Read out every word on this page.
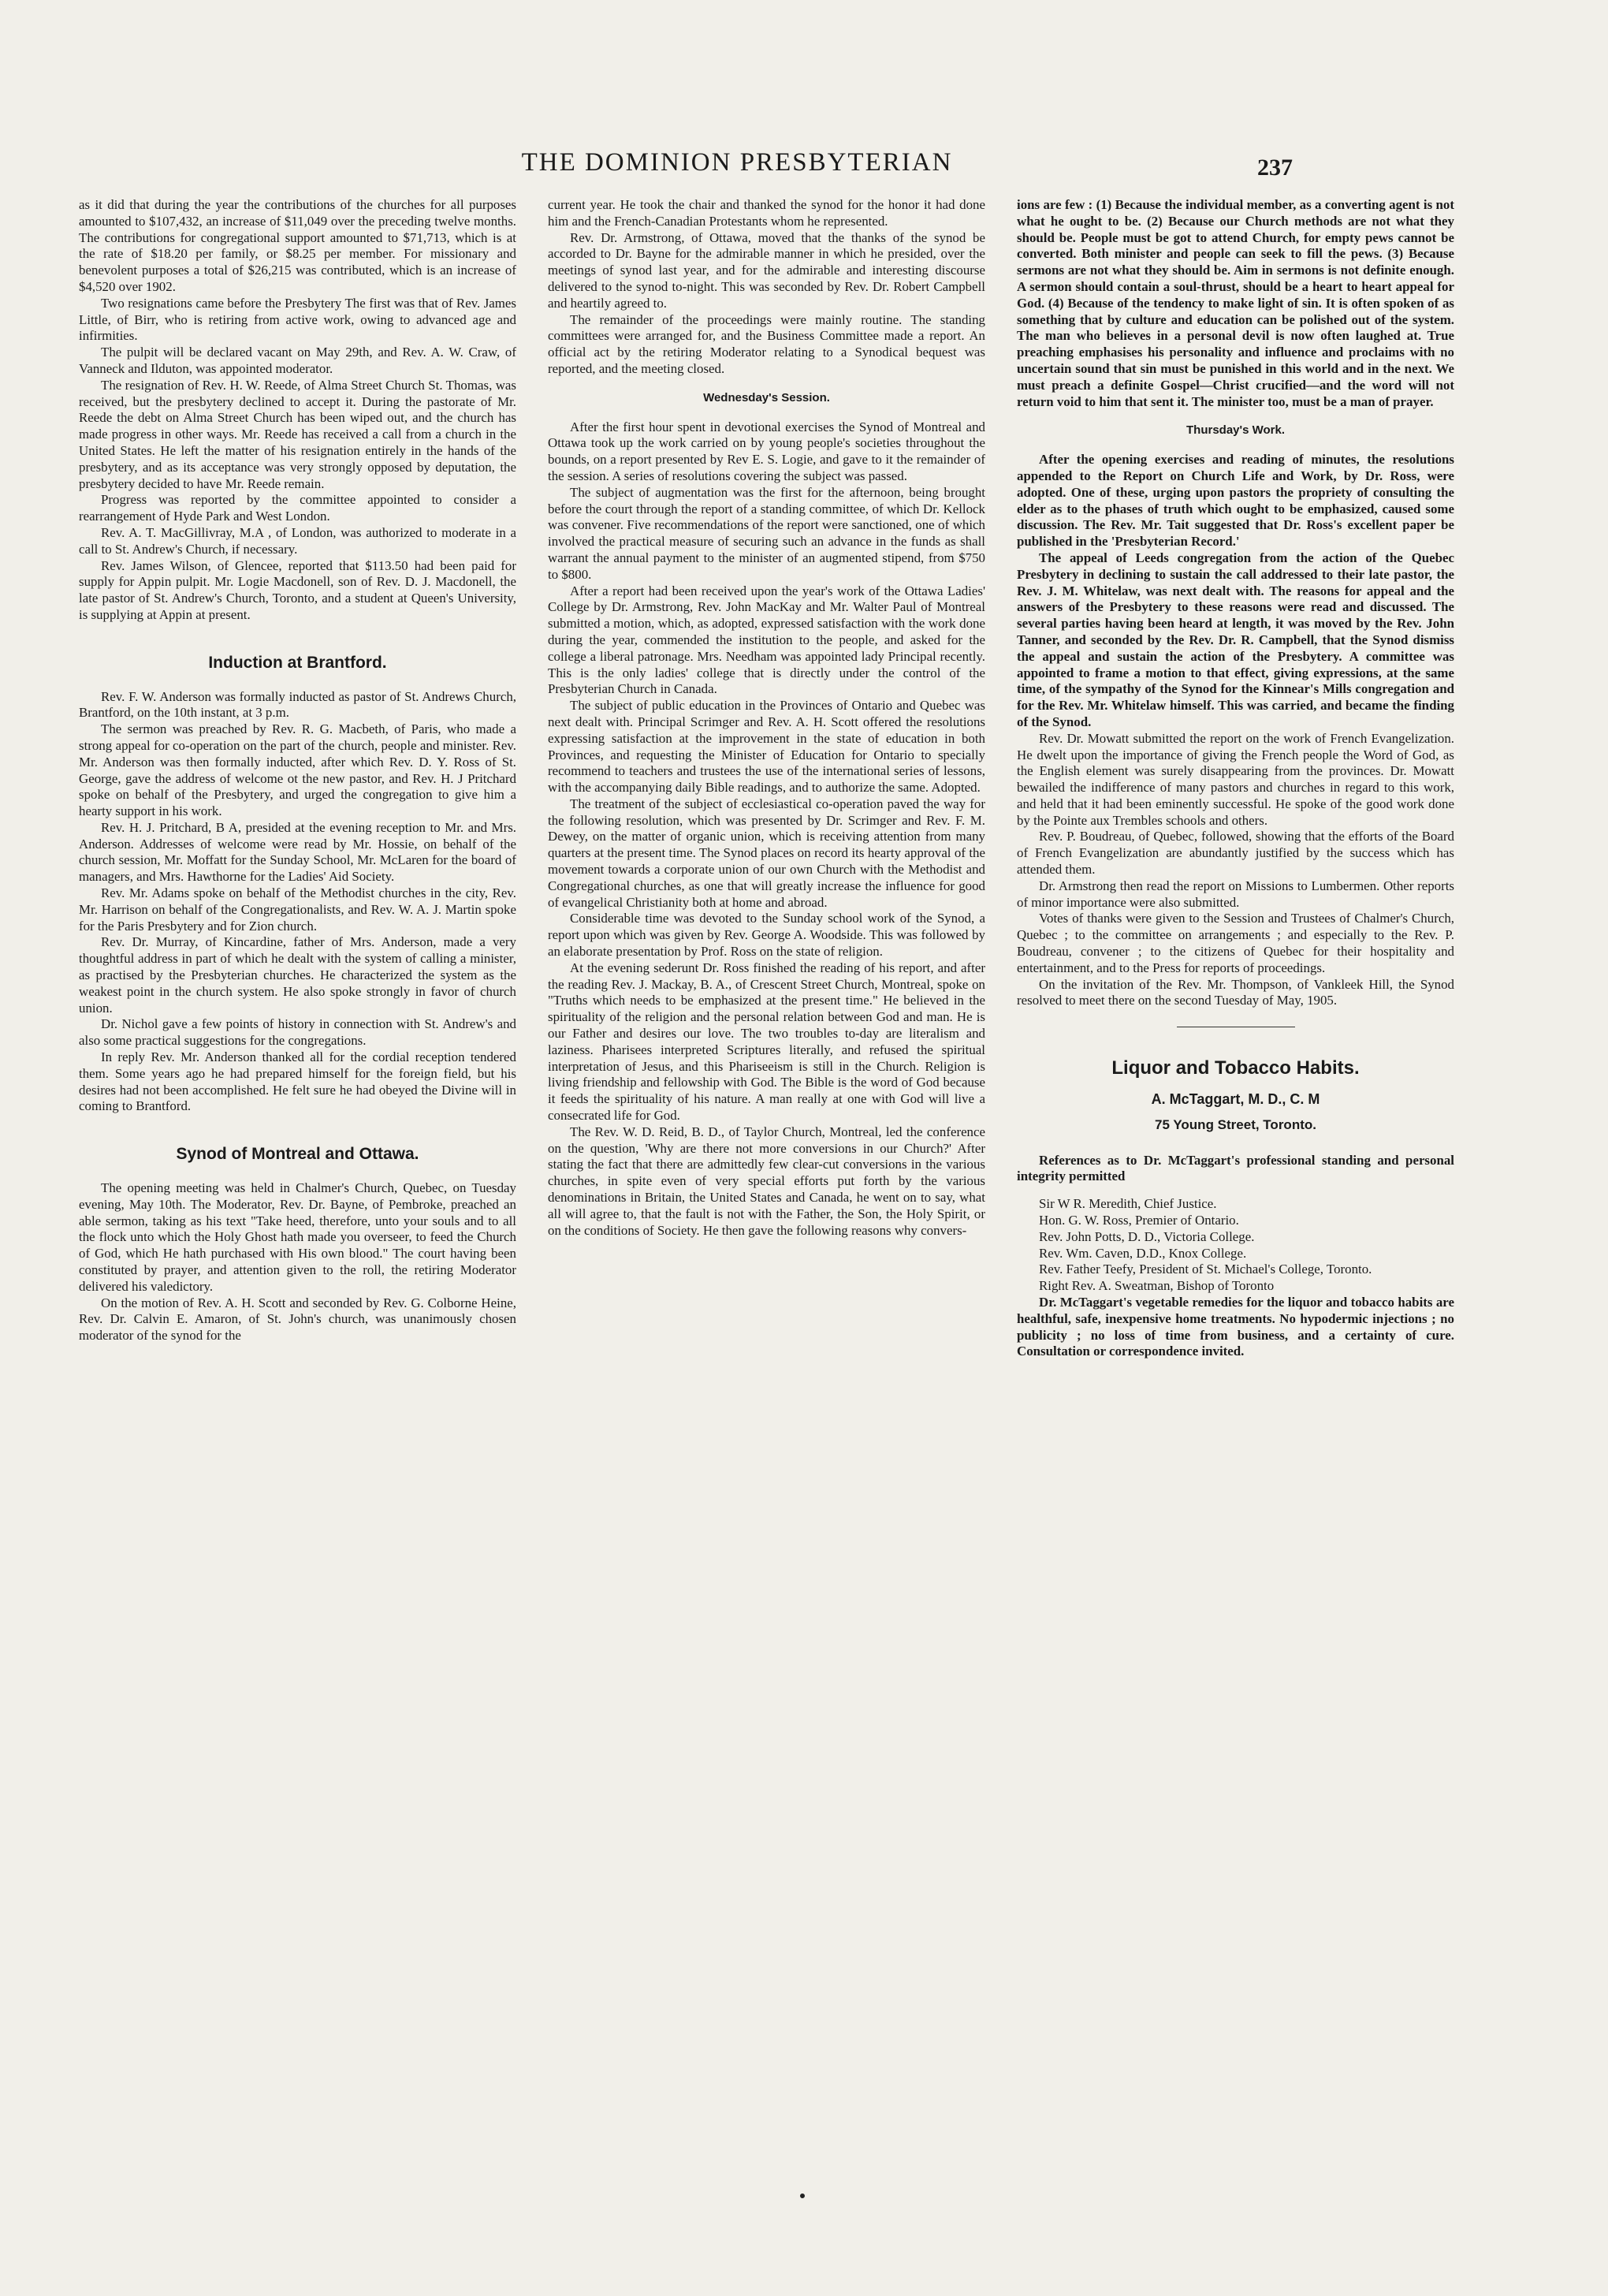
THE DOMINION PRESBYTERIAN	237

as it did that during the year the contributions of the churches for all purposes amounted to $107,432, an increase of $11,049 over the preceding twelve months. The contributions for congregational support amounted to $71,713, which is at the rate of $18.20 per family, or $8.25 per member. For missionary and benevolent purposes a total of $26,215 was contributed, which is an increase of $4,520 over 1902.

Two resignations came before the Presbytery The first was that of Rev. James Little, of Birr, who is retiring from active work, owing to advanced age and infirmities.

The pulpit will be declared vacant on May 29th, and Rev. A. W. Craw, of Vanneck and Ilduton, was appointed moderator.

The resignation of Rev. H. W. Reede, of Alma Street Church St. Thomas, was received, but the presbytery declined to accept it. During the pastorate of Mr. Reede the debt on Alma Street Church has been wiped out, and the church has made progress in other ways. Mr. Reede has received a call from a church in the United States. He left the matter of his resignation entirely in the hands of the presbytery, and as its acceptance was very strongly opposed by deputation, the presbytery decided to have Mr. Reede remain.

Progress was reported by the committee appointed to consider a rearrangement of Hyde Park and West London.

Rev. A. T. MacGillivray, M.A , of London, was authorized to moderate in a call to St. Andrew's Church, if necessary.

Rev. James Wilson, of Glencee, reported that $113.50 had been paid for supply for Appin pulpit. Mr. Logie Macdonell, son of Rev. D. J. Macdonell, the late pastor of St. Andrew's Church, Toronto, and a student at Queen's University, is supplying at Appin at present.

Induction at Brantford.

Rev. F. W. Anderson was formally inducted as pastor of St. Andrews Church, Brantford, on the 10th instant, at 3 p.m.

The sermon was preached by Rev. R. G. Macbeth, of Paris, who made a strong appeal for co-operation on the part of the church, people and minister. Rev. Mr. Anderson was then formally inducted, after which Rev. D. Y. Ross of St. George, gave the address of welcome ot the new pastor, and Rev. H. J Pritchard spoke on behalf of the Presbytery, and urged the congregation to give him a hearty support in his work.

Rev. H. J. Pritchard, B A, presided at the evening reception to Mr. and Mrs. Anderson. Addresses of welcome were read by Mr. Hossie, on behalf of the church session, Mr. Moffatt for the Sunday School, Mr. McLaren for the board of managers, and Mrs. Hawthorne for the Ladies' Aid Society.

Rev. Mr. Adams spoke on behalf of the Methodist churches in the city, Rev. Mr. Harrison on behalf of the Congregationalists, and Rev. W. A. J. Martin spoke for the Paris Presbytery and for Zion church.

Rev. Dr. Murray, of Kincardine, father of Mrs. Anderson, made a very thoughtful address in part of which he dealt with the system of calling a minister, as practised by the Presbyterian churches. He characterized the system as the weakest point in the church system. He also spoke strongly in favor of church union.

Dr. Nichol gave a few points of history in connection with St. Andrew's and also some practical suggestions for the congregations.

In reply Rev. Mr. Anderson thanked all for the cordial reception tendered them. Some years ago he had prepared himself for the foreign field, but his desires had not been accomplished. He felt sure he had obeyed the Divine will in coming to Brantford.

Synod of Montreal and Ottawa.

The opening meeting was held in Chalmer's Church, Quebec, on Tuesday evening, May 10th. The Moderator, Rev. Dr. Bayne, of Pembroke, preached an able sermon, taking as his text "Take heed, therefore, unto your souls and to all the flock unto which the Holy Ghost hath made you overseer, to feed the Church of God, which He hath purchased with His own blood." The court having been constituted by prayer, and attention given to the roll, the retiring Moderator delivered his valedictory.

On the motion of Rev. A. H. Scott and seconded by Rev. G. Colborne Heine, Rev. Dr. Calvin E. Amaron, of St. John's church, was unanimously chosen moderator of the synod for the

current year. He took the chair and thanked the synod for the honor it had done him and the French-Canadian Protestants whom he represented.

Rev. Dr. Armstrong, of Ottawa, moved that the thanks of the synod be accorded to Dr. Bayne for the admirable manner in which he presided, over the meetings of synod last year, and for the admirable and interesting discourse delivered to the synod to-night. This was seconded by Rev. Dr. Robert Campbell and heartily agreed to.

The remainder of the proceedings were mainly routine. The standing committees were arranged for, and the Business Committee made a report. An official act by the retiring Moderator relating to a Synodical bequest was reported, and the meeting closed.

Wednesday's Session.

After the first hour spent in devotional exercises the Synod of Montreal and Ottawa took up the work carried on by young people's societies throughout the bounds, on a report presented by Rev E. S. Logie, and gave to it the remainder of the session. A series of resolutions covering the subject was passed.

The subject of augmentation was the first for the afternoon, being brought before the court through the report of a standing committee, of which Dr. Kellock was convener. Five recommendations of the report were sanctioned, one of which involved the practical measure of securing such an advance in the funds as shall warrant the annual payment to the minister of an augmented stipend, from $750 to $800.

After a report had been received upon the year's work of the Ottawa Ladies' College by Dr. Armstrong, Rev. John MacKay and Mr. Walter Paul of Montreal submitted a motion, which, as adopted, expressed satisfaction with the work done during the year, commended the institution to the people, and asked for the college a liberal patronage. Mrs. Needham was appointed lady Principal recently. This is the only ladies' college that is directly under the control of the Presbyterian Church in Canada.

The subject of public education in the Provinces of Ontario and Quebec was next dealt with. Principal Scrimger and Rev. A. H. Scott offered the resolutions expressing satisfaction at the improvement in the state of education in both Provinces, and requesting the Minister of Education for Ontario to specially recommend to teachers and trustees the use of the international series of lessons, with the accompanying daily Bible readings, and to authorize the same. Adopted.

The treatment of the subject of ecclesiastical co-operation paved the way for the following resolution, which was presented by Dr. Scrimger and Rev. F. M. Dewey, on the matter of organic union, which is receiving attention from many quarters at the present time. The Synod places on record its hearty approval of the movement towards a corporate union of our own Church with the Methodist and Congregational churches, as one that will greatly increase the influence for good of evangelical Christianity both at home and abroad.

Considerable time was devoted to the Sunday school work of the Synod, a report upon which was given by Rev. George A. Woodside. This was followed by an elaborate presentation by Prof. Ross on the state of religion.

At the evening sederunt Dr. Ross finished the reading of his report, and after the reading Rev. J. Mackay, B. A., of Crescent Street Church, Montreal, spoke on "Truths which needs to be emphasized at the present time." He believed in the spirituality of the religion and the personal relation between God and man. He is our Father and desires our love. The two troubles to-day are literalism and laziness. Pharisees interpreted Scriptures literally, and refused the spiritual interpretation of Jesus, and this Phariseeism is still in the Church. Religion is living friendship and fellowship with God. The Bible is the word of God because it feeds the spirituality of his nature. A man really at one with God will live a consecrated life for God.

The Rev. W. D. Reid, B. D., of Taylor Church, Montreal, led the conference on the question, 'Why are there not more conversions in our Church?' After stating the fact that there are admittedly few clear-cut conversions in the various churches, in spite even of very special efforts put forth by the various denominations in Britain, the United States and Canada, he went on to say, what all will agree to, that the fault is not with the Father, the Son, the Holy Spirit, or on the conditions of Society. He then gave the following reasons why convers-

ions are few : (1) Because the individual member, as a converting agent is not what he ought to be. (2) Because our Church methods are not what they should be. People must be got to attend Church, for empty pews cannot be converted. Both minister and people can seek to fill the pews. (3) Because sermons are not what they should be. Aim in sermons is not definite enough. A sermon should contain a soul-thrust, should be a heart to heart appeal for God. (4) Because of the tendency to make light of sin. It is often spoken of as something that by culture and education can be polished out of the system. The man who believes in a personal devil is now often laughed at. True preaching emphasises his personality and influence and proclaims with no uncertain sound that sin must be punished in this world and in the next. We must preach a definite Gospel—Christ crucified—and the word will not return void to him that sent it. The minister too, must be a man of prayer.

Thursday's Work.

After the opening exercises and reading of minutes, the resolutions appended to the Report on Church Life and Work, by Dr. Ross, were adopted. One of these, urging upon pastors the propriety of consulting the elder as to the phases of truth which ought to be emphasized, caused some discussion. The Rev. Mr. Tait suggested that Dr. Ross's excellent paper be published in the 'Presbyterian Record.'

The appeal of Leeds congregation from the action of the Quebec Presbytery in declining to sustain the call addressed to their late pastor, the Rev. J. M. Whitelaw, was next dealt with. The reasons for appeal and the answers of the Presbytery to these reasons were read and discussed. The several parties having been heard at length, it was moved by the Rev. John Tanner, and seconded by the Rev. Dr. R. Campbell, that the Synod dismiss the appeal and sustain the action of the Presbytery. A committee was appointed to frame a motion to that effect, giving expressions, at the same time, of the sympathy of the Synod for the Kinnear's Mills congregation and for the Rev. Mr. Whitelaw himself. This was carried, and became the finding of the Synod.

Rev. Dr. Mowatt submitted the report on the work of French Evangelization. He dwelt upon the importance of giving the French people the Word of God, as the English element was surely disappearing from the provinces. Dr. Mowatt bewailed the indifference of many pastors and churches in regard to this work, and held that it had been eminently successful. He spoke of the good work done by the Pointe aux Trembles schools and others.

Rev. P. Boudreau, of Quebec, followed, showing that the efforts of the Board of French Evangelization are abundantly justified by the success which has attended them.

Dr. Armstrong then read the report on Missions to Lumbermen. Other reports of minor importance were also submitted.

Votes of thanks were given to the Session and Trustees of Chalmer's Church, Quebec ; to the committee on arrangements ; and especially to the Rev. P. Boudreau, convener ; to the citizens of Quebec for their hospitality and entertainment, and to the Press for reports of proceedings.

On the invitation of the Rev. Mr. Thompson, of Vankleek Hill, the Synod resolved to meet there on the second Tuesday of May, 1905.

Liquor and Tobacco Habits.
A. McTaggart, M. D., C. M
75 Young Street, Toronto.

References as to Dr. McTaggart's professional standing and personal integrity permitted

Sir W R. Meredith, Chief Justice.
Hon. G. W. Ross, Premier of Ontario.
Rev. John Potts, D. D., Victoria College.
Rev. Wm. Caven, D.D., Knox College.
Rev. Father Teefy, President of St. Michael's College, Toronto.
Right Rev. A. Sweatman, Bishop of Toronto

Dr. McTaggart's vegetable remedies for the liquor and tobacco habits are healthful, safe, inexpensive home treatments. No hypodermic injections ; no publicity ; no loss of time from business, and a certainty of cure. Consultation or correspondence invited.
